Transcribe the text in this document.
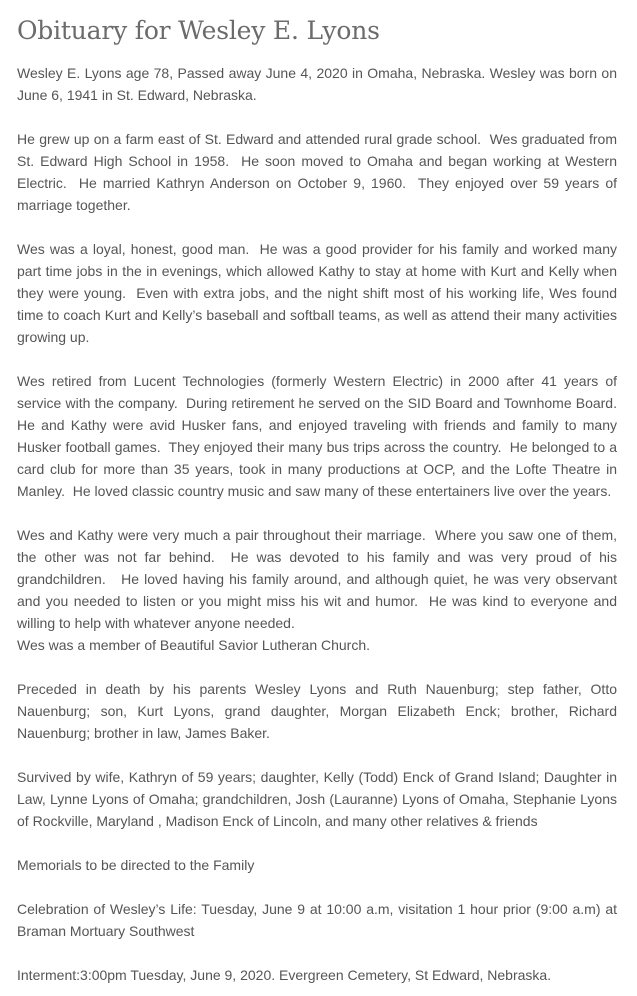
Obituary for Wesley E. Lyons

Wesley E. Lyons age 78, Passed away June 4, 2020 in Omaha, Nebraska. Wesley was born on June 6, 1941 in St. Edward, Nebraska.

He grew up on a farm east of St. Edward and attended rural grade school.  Wes graduated from St. Edward High School in 1958.  He soon moved to Omaha and began working at Western Electric.  He married Kathryn Anderson on October 9, 1960.  They enjoyed over 59 years of marriage together.

Wes was a loyal, honest, good man.  He was a good provider for his family and worked many part time jobs in the in evenings, which allowed Kathy to stay at home with Kurt and Kelly when they were young.  Even with extra jobs, and the night shift most of his working life, Wes found time to coach Kurt and Kelly’s baseball and softball teams, as well as attend their many activities growing up.

Wes retired from Lucent Technologies (formerly Western Electric) in 2000 after 41 years of service with the company.  During retirement he served on the SID Board and Townhome Board.  He and Kathy were avid Husker fans, and enjoyed traveling with friends and family to many Husker football games.  They enjoyed their many bus trips across the country.  He belonged to a card club for more than 35 years, took in many productions at OCP, and the Lofte Theatre in Manley.  He loved classic country music and saw many of these entertainers live over the years.

Wes and Kathy were very much a pair throughout their marriage.  Where you saw one of them, the other was not far behind.  He was devoted to his family and was very proud of his grandchildren.   He loved having his family around, and although quiet, he was very observant and you needed to listen or you might miss his wit and humor.  He was kind to everyone and willing to help with whatever anyone needed.

Wes was a member of Beautiful Savior Lutheran Church.

Preceded in death by his parents Wesley Lyons and Ruth Nauenburg; step father, Otto Nauenburg; son, Kurt Lyons, grand daughter, Morgan Elizabeth Enck; brother, Richard Nauenburg; brother in law, James Baker.

Survived by wife, Kathryn of 59 years; daughter, Kelly (Todd) Enck of Grand Island; Daughter in Law, Lynne Lyons of Omaha; grandchildren, Josh (Lauranne) Lyons of Omaha, Stephanie Lyons of Rockville, Maryland , Madison Enck of Lincoln, and many other relatives & friends

Memorials to be directed to the Family

Celebration of Wesley’s Life: Tuesday, June 9 at 10:00 a.m, visitation 1 hour prior (9:00 a.m) at Braman Mortuary Southwest

Interment:3:00pm Tuesday, June 9, 2020. Evergreen Cemetery, St Edward, Nebraska.
